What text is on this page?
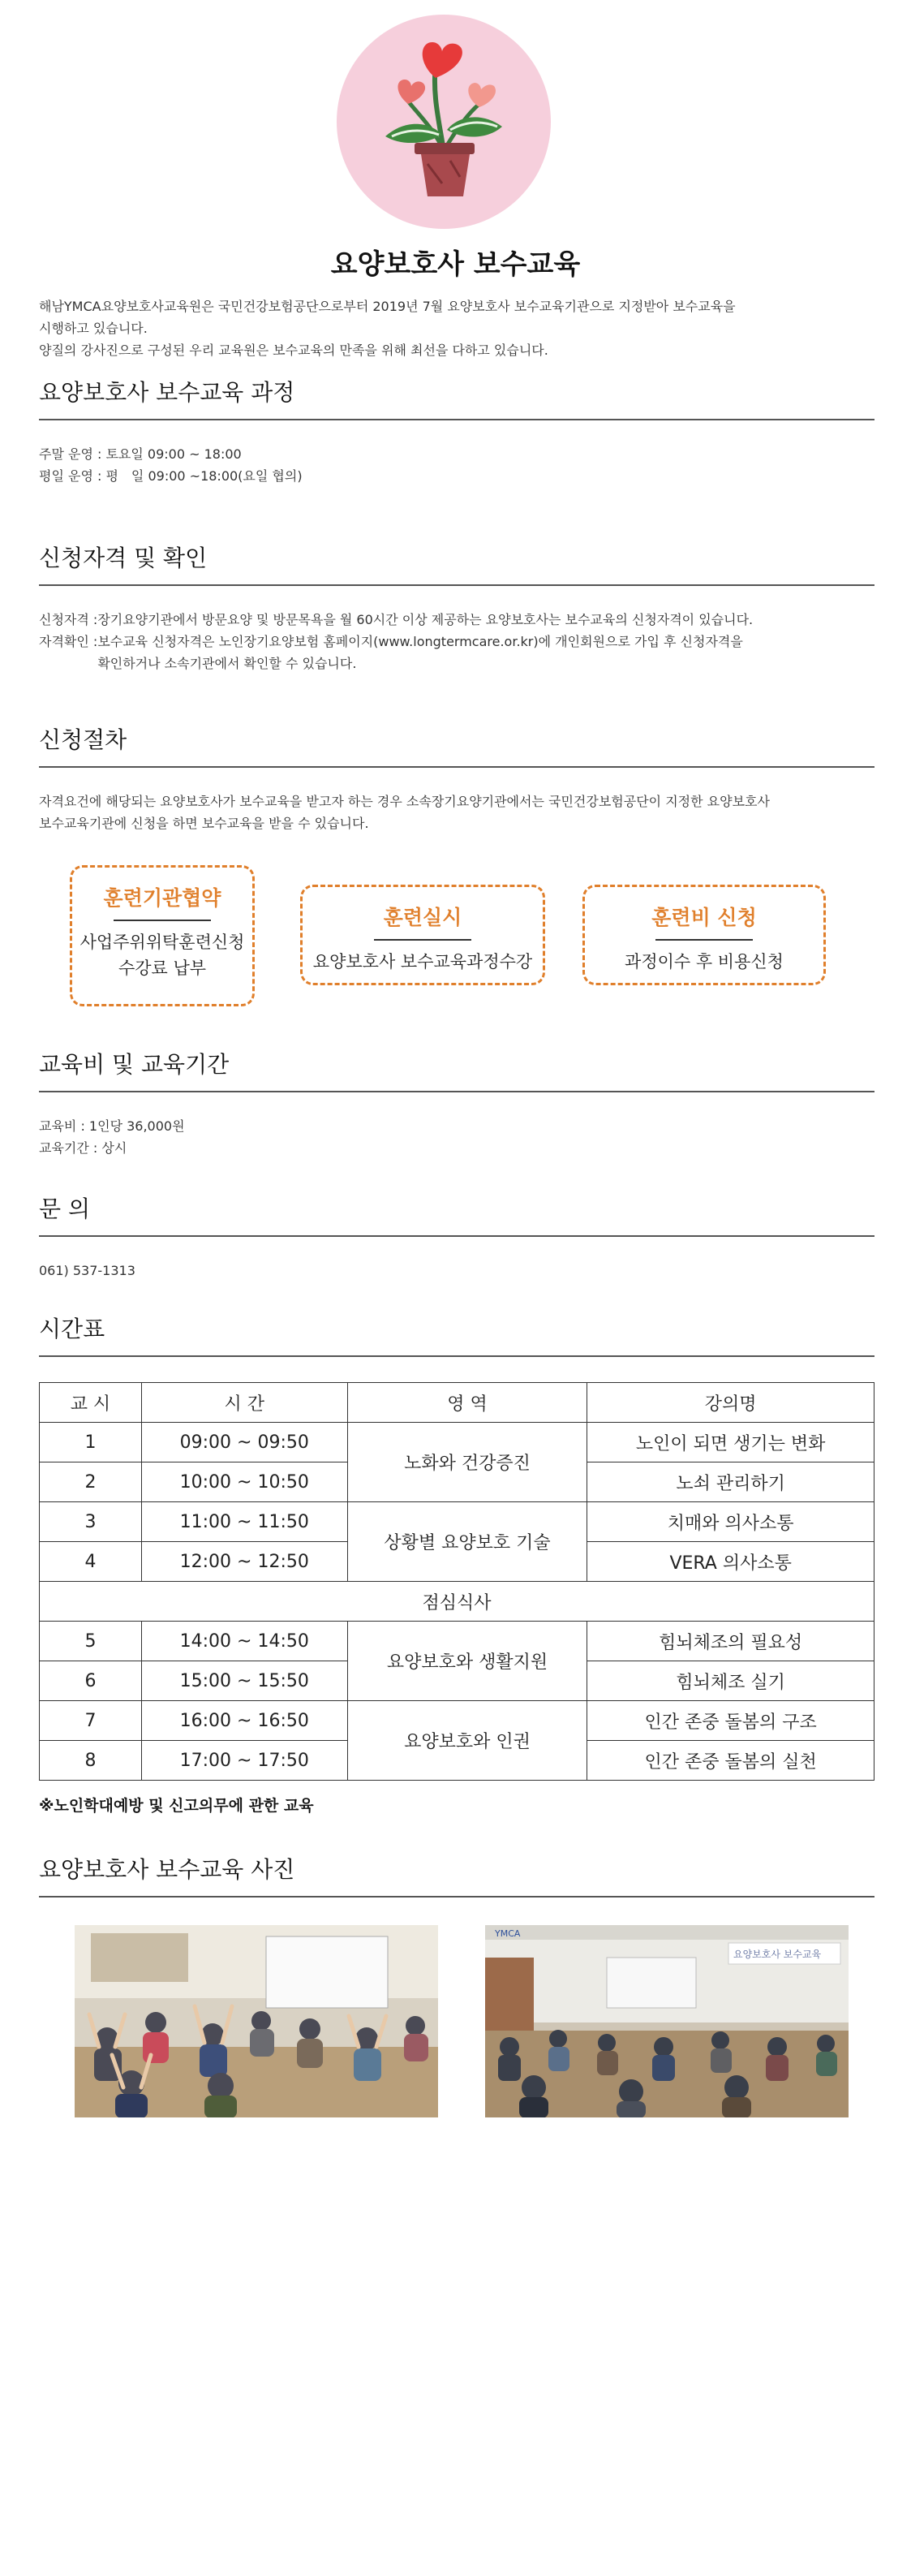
요양보호사 보수교육
해남YMCA요양보호사교육원은 국민건강보험공단으로부터 2019년 7월 요양보호사 보수교육기관으로 지정받아 보수교육을
시행하고 있습니다.
양질의 강사진으로 구성된 우리 교육원은 보수교육의 만족을 위해 최선을 다하고 있습니다.
요양보호사 보수교육 과정
주말 운영 : 토요일 09:00 ~ 18:00
평일 운영 : 평　일 09:00 ~18:00(요일 협의)
신청자격 및 확인
신청자격 : 장기요양기관에서 방문요양 및 방문목욕을 월 60시간 이상 제공하는 요양보호사는 보수교육의 신청자격이 있습니다.
자격확인 : 보수교육 신청자격은 노인장기요양보험 홈페이지(www.longtermcare.or.kr)에 개인회원으로 가입 후 신청자격을
확인하거나 소속기관에서 확인할 수 있습니다.
신청절차
자격요건에 해당되는 요양보호사가 보수교육을 받고자 하는 경우 소속장기요양기관에서는 국민건강보험공단이 지정한 요양보호사
보수교육기관에 신청을 하면 보수교육을 받을 수 있습니다.
훈련기관협약
사업주위위탁훈련신청
수강료 납부
훈련실시
요양보호사 보수교육과정수강
훈련비 신청
과정이수 후 비용신청
교육비 및 교육기간
교육비 : 1인당 36,000원
교육기간 : 상시
문 의
061) 537-1313
시간표
교 시	시 간	영 역	강의명
1	09:00 ~ 09:50	노화와 건강증진	노인이 되면 생기는 변화
2	10:00 ~ 10:50		노쇠 관리하기
3	11:00 ~ 11:50	상황별 요양보호 기술	치매와 의사소통
4	12:00 ~ 12:50		VERA 의사소통
점심식사			
5	14:00 ~ 14:50	요양보호와 생활지원	힘뇌체조의 필요성
6	15:00 ~ 15:50		힘뇌체조 실기
7	16:00 ~ 16:50	요양보호와 인권	인간 존중 돌봄의 구조
8	17:00 ~ 17:50		인간 존중 돌봄의 실천
※노인학대예방 및 신고의무에 관한 교육
요양보호사 보수교육 사진
YMCA
요양보호사 보수교육
